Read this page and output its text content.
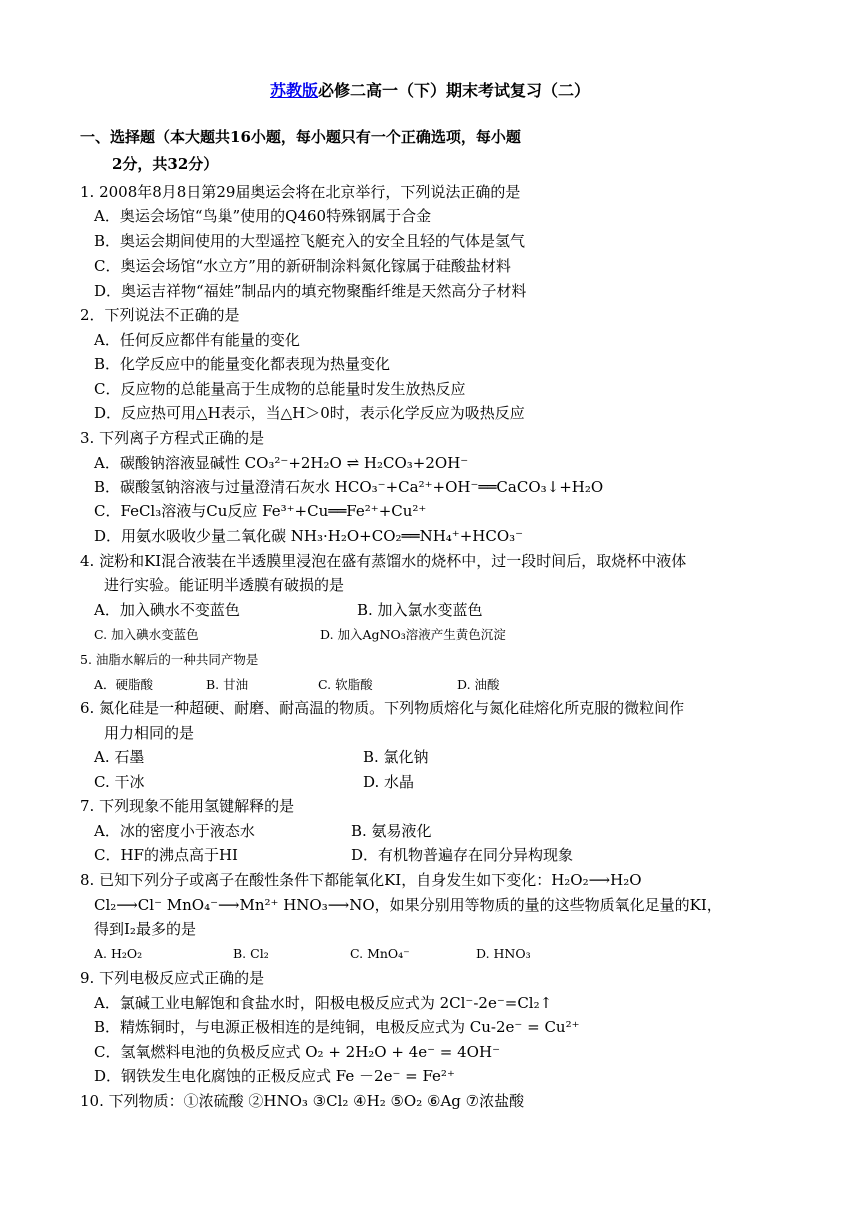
苏教版必修二高一（下）期末考试复习（二）
一、选择题（本大题共16小题，每小题只有一个正确选项，每小题
2分，共32分）
1. 2008年8月8日第29届奥运会将在北京举行，下列说法正确的是
A．奥运会场馆“鸟巢”使用的Q460特殊钢属于合金
B．奥运会期间使用的大型遥控飞艇充入的安全且轻的气体是氢气
C．奥运会场馆“水立方”用的新研制涂料氮化镓属于硅酸盐材料
D．奥运吉祥物“福娃”制品内的填充物聚酯纤维是天然高分子材料
2．下列说法不正确的是
A．任何反应都伴有能量的变化
B．化学反应中的能量变化都表现为热量变化
C．反应物的总能量高于生成物的总能量时发生放热反应
D．反应热可用△H表示，当△H＞0时，表示化学反应为吸热反应
3. 下列离子方程式正确的是
A．碳酸钠溶液显碱性 CO₃²⁻+2H₂O ⇌ H₂CO₃+2OH⁻
B．碳酸氢钠溶液与过量澄清石灰水 HCO₃⁻+Ca²⁺+OH⁻══CaCO₃↓+H₂O
C．FeCl₃溶液与Cu反应 Fe³⁺+Cu══Fe²⁺+Cu²⁺
D．用氨水吸收少量二氧化碳 NH₃·H₂O+CO₂══NH₄⁺+HCO₃⁻
4. 淀粉和KI混合液装在半透膜里浸泡在盛有蒸馏水的烧杯中，过一段时间后，取烧杯中液体
进行实验。能证明半透膜有破损的是
A．加入碘水不变蓝色	B. 加入氯水变蓝色
C. 加入碘水变蓝色	D. 加入AgNO₃溶液产生黄色沉淀
5. 油脂水解后的一种共同产物是
A．硬脂酸	B. 甘油	C. 软脂酸	D. 油酸
6. 氮化硅是一种超硬、耐磨、耐高温的物质。下列物质熔化与氮化硅熔化所克服的微粒间作
用力相同的是
A. 石墨	B. 氯化钠
C. 干冰	D. 水晶
7. 下列现象不能用氢键解释的是
A．冰的密度小于液态水	B. 氨易液化
C．HF的沸点高于HI	D．有机物普遍存在同分异构现象
8. 已知下列分子或离子在酸性条件下都能氧化KI，自身发生如下变化：H₂O₂⟶H₂O
Cl₂⟶Cl⁻ MnO₄⁻⟶Mn²⁺ HNO₃⟶NO，如果分别用等物质的量的这些物质氧化足量的KI，
得到I₂最多的是
A. H₂O₂	B. Cl₂	C. MnO₄⁻	D. HNO₃
9. 下列电极反应式正确的是
A．氯碱工业电解饱和食盐水时，阳极电极反应式为 2Cl⁻-2e⁻=Cl₂↑
B．精炼铜时，与电源正极相连的是纯铜，电极反应式为 Cu-2e⁻ = Cu²⁺
C．氢氧燃料电池的负极反应式 O₂ + 2H₂O + 4e⁻ = 4OH⁻
D．钢铁发生电化腐蚀的正极反应式 Fe －2e⁻ = Fe²⁺
10. 下列物质：①浓硫酸 ②HNO₃ ③Cl₂ ④H₂ ⑤O₂ ⑥Ag ⑦浓盐酸
